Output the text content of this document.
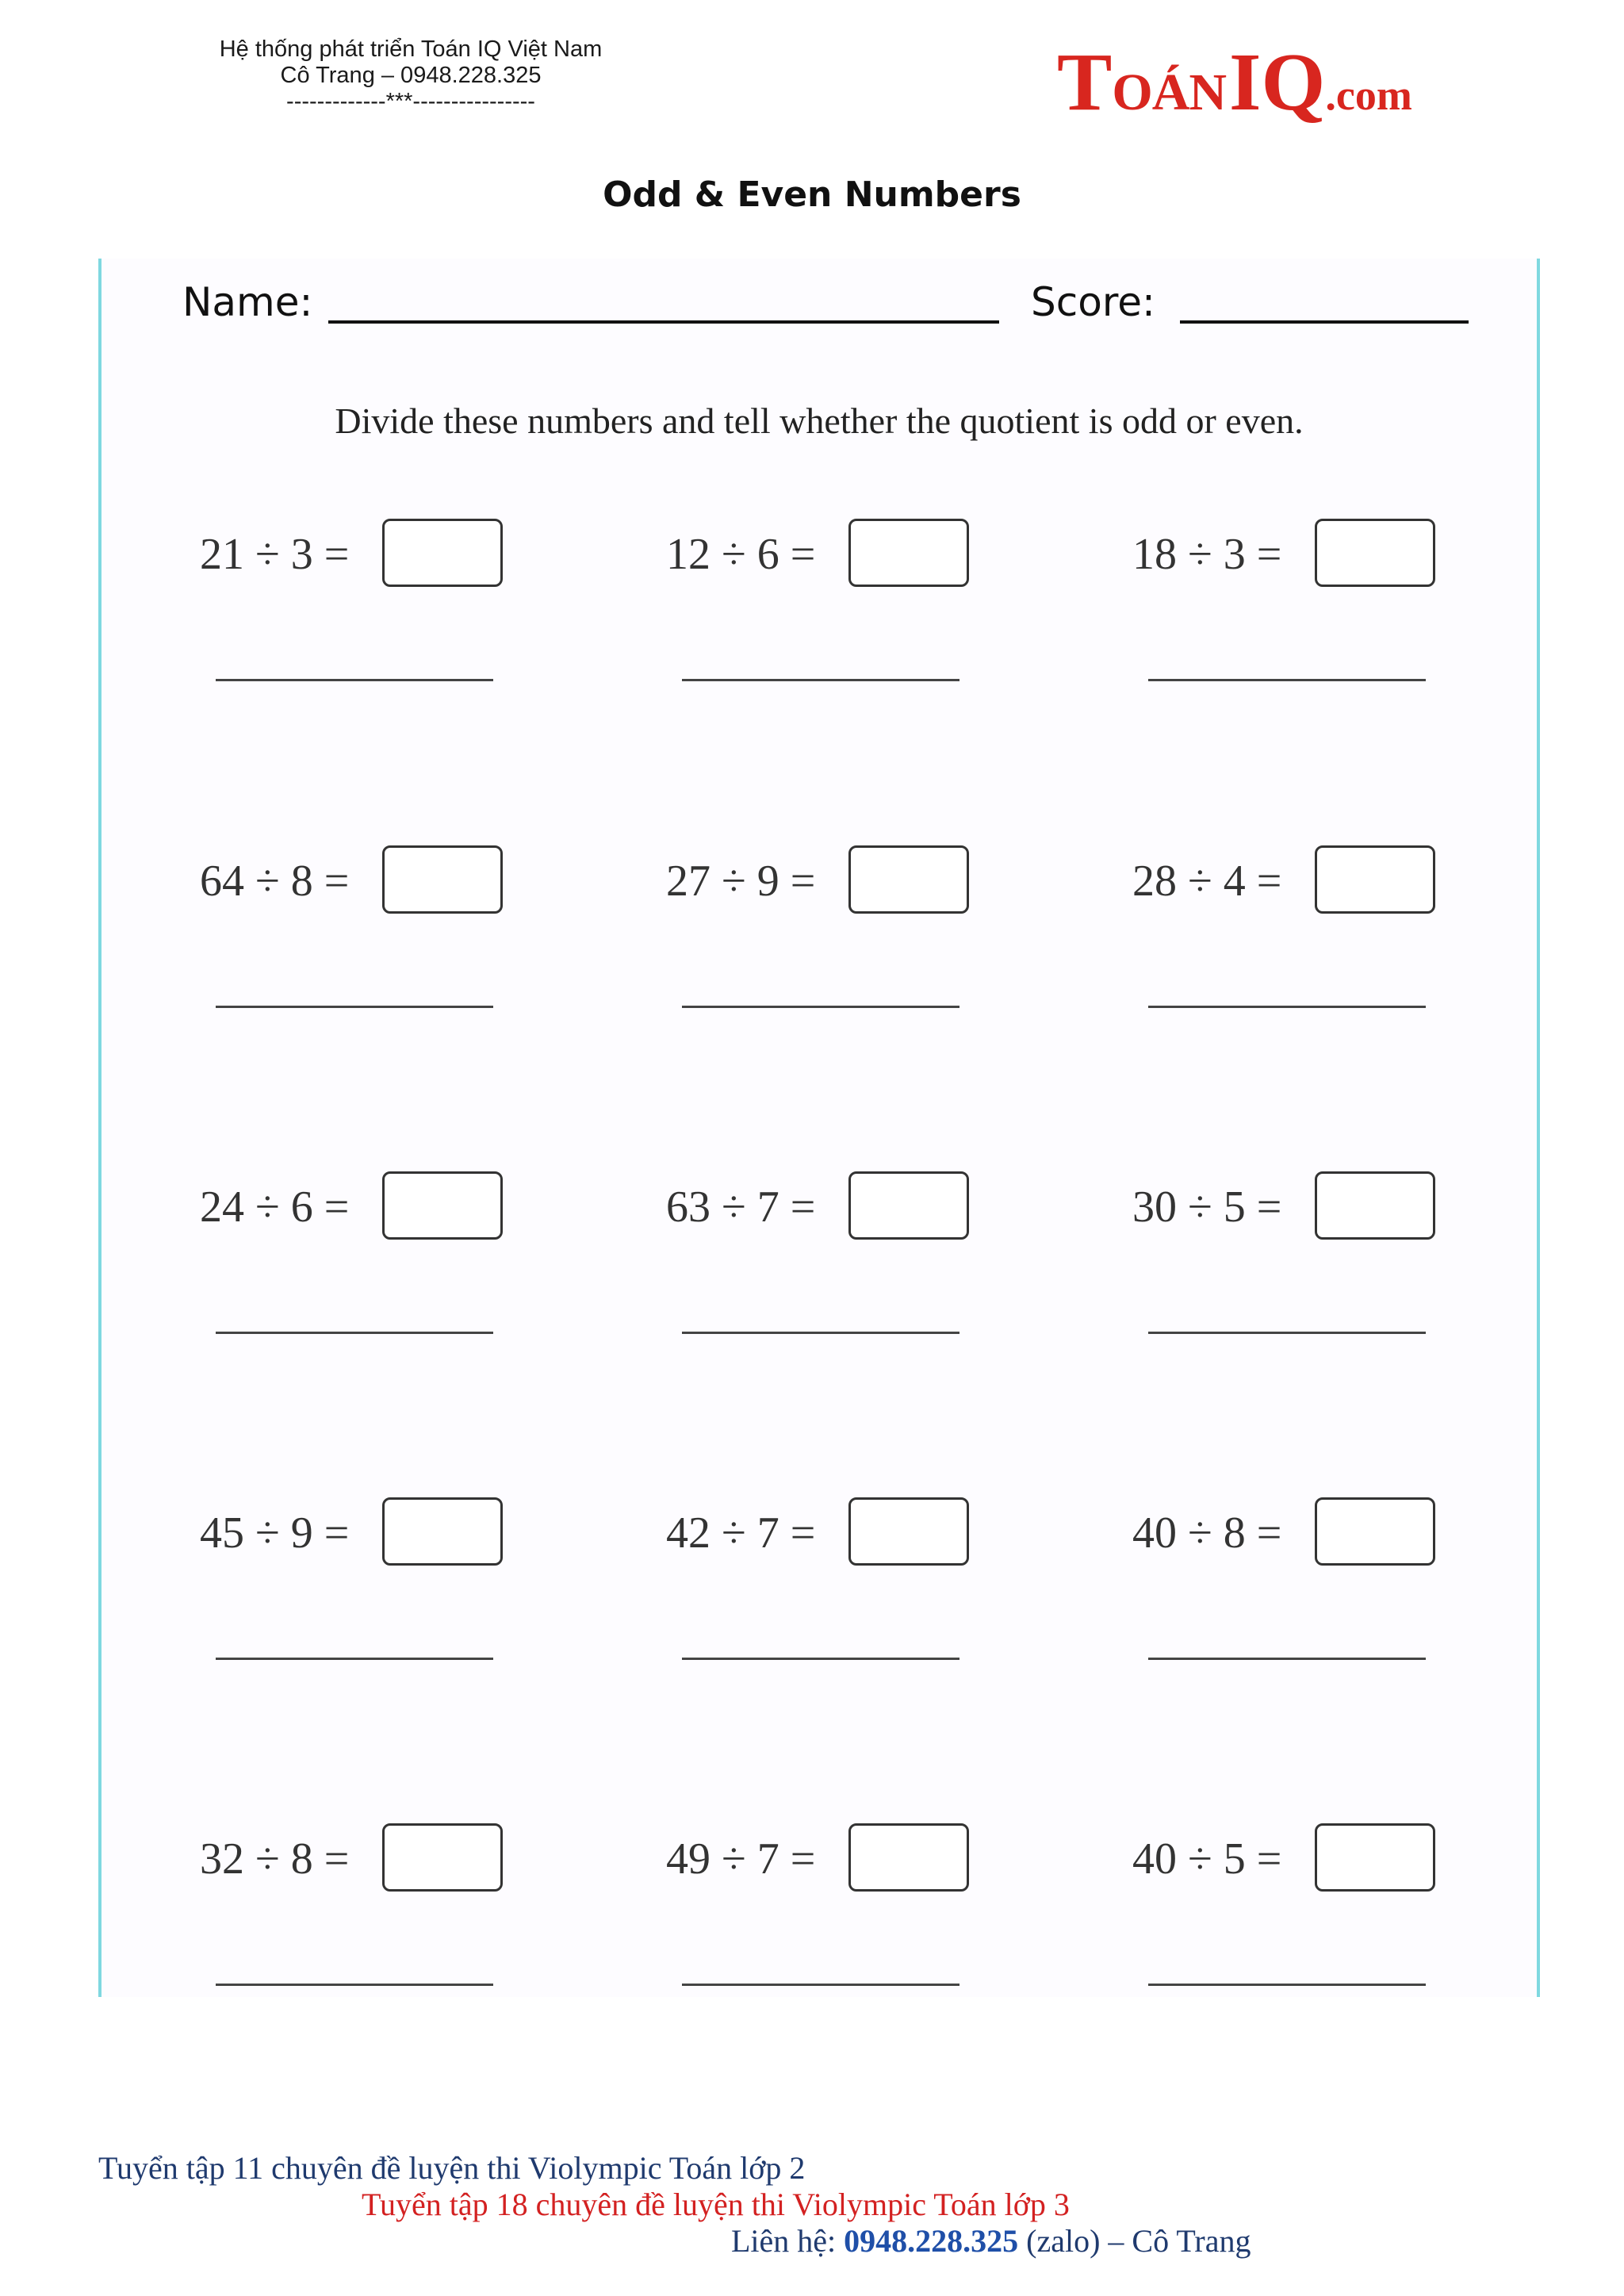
Hệ thống phát triển Toán IQ Việt Nam
Cô Trang – 0948.228.325
-------------***----------------	TOÁN IQ.com
Odd & Even Numbers
Name:	Score:
Divide these numbers and tell whether the quotient is odd or even.
21 ÷ 3 =	12 ÷ 6 =	18 ÷ 3 =
64 ÷ 8 =	27 ÷ 9 =	28 ÷ 4 =
24 ÷ 6 =	63 ÷ 7 =	30 ÷ 5 =
45 ÷ 9 =	42 ÷ 7 =	40 ÷ 8 =
32 ÷ 8 =	49 ÷ 7 =	40 ÷ 5 =
Tuyển tập 11 chuyên đề luyện thi Violympic Toán lớp 2
Tuyển tập 18 chuyên đề luyện thi Violympic Toán lớp 3
Liên hệ: 0948.228.325 (zalo) – Cô Trang
